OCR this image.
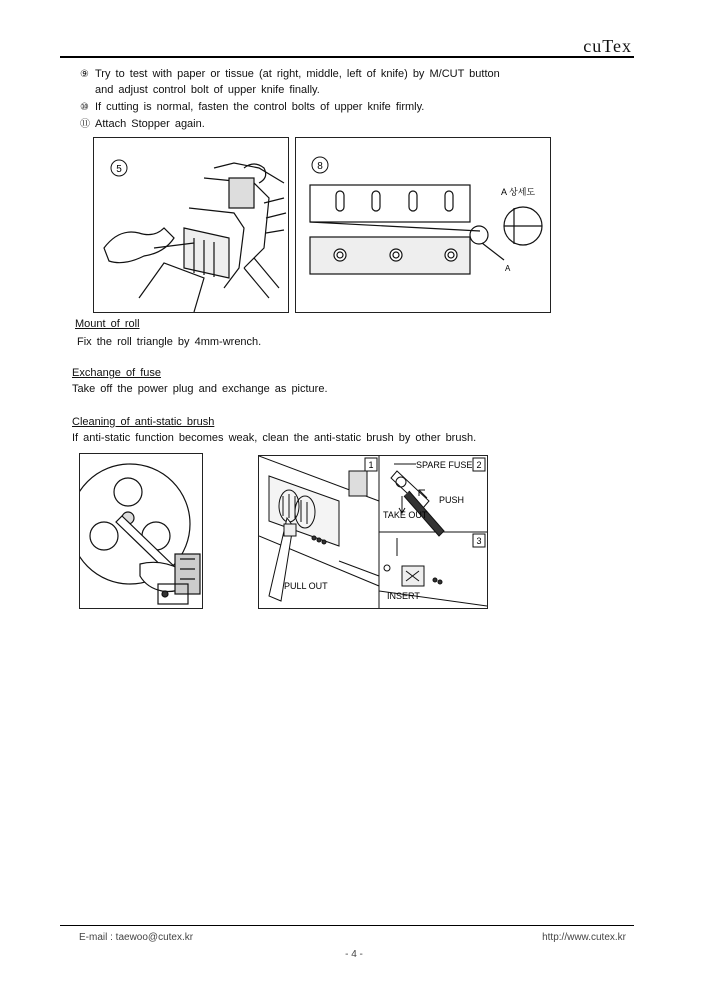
cuTex
⑨ Try to test with paper or tissue (at right, middle, left of knife) by M/CUT button
and adjust control bolt of upper knife finally.
⑩ If cutting is normal, fasten the control bolts of upper knife firmly.
⑪ Attach Stopper again.
5	8
A 상세도
A
Mount of roll
Fix the roll triangle by 4mm-wrench.
Exchange of fuse
Take off the power plug and exchange as picture.
Cleaning of anti-static brush
If anti-static function becomes weak, clean the anti-static brush by other brush.
1	2
3
SPARE FUSE
PUSH
TAKE OUT
PULL OUT
INSERT
E-mail : taewoo@cutex.kr	http://www.cutex.kr
- 4 -
